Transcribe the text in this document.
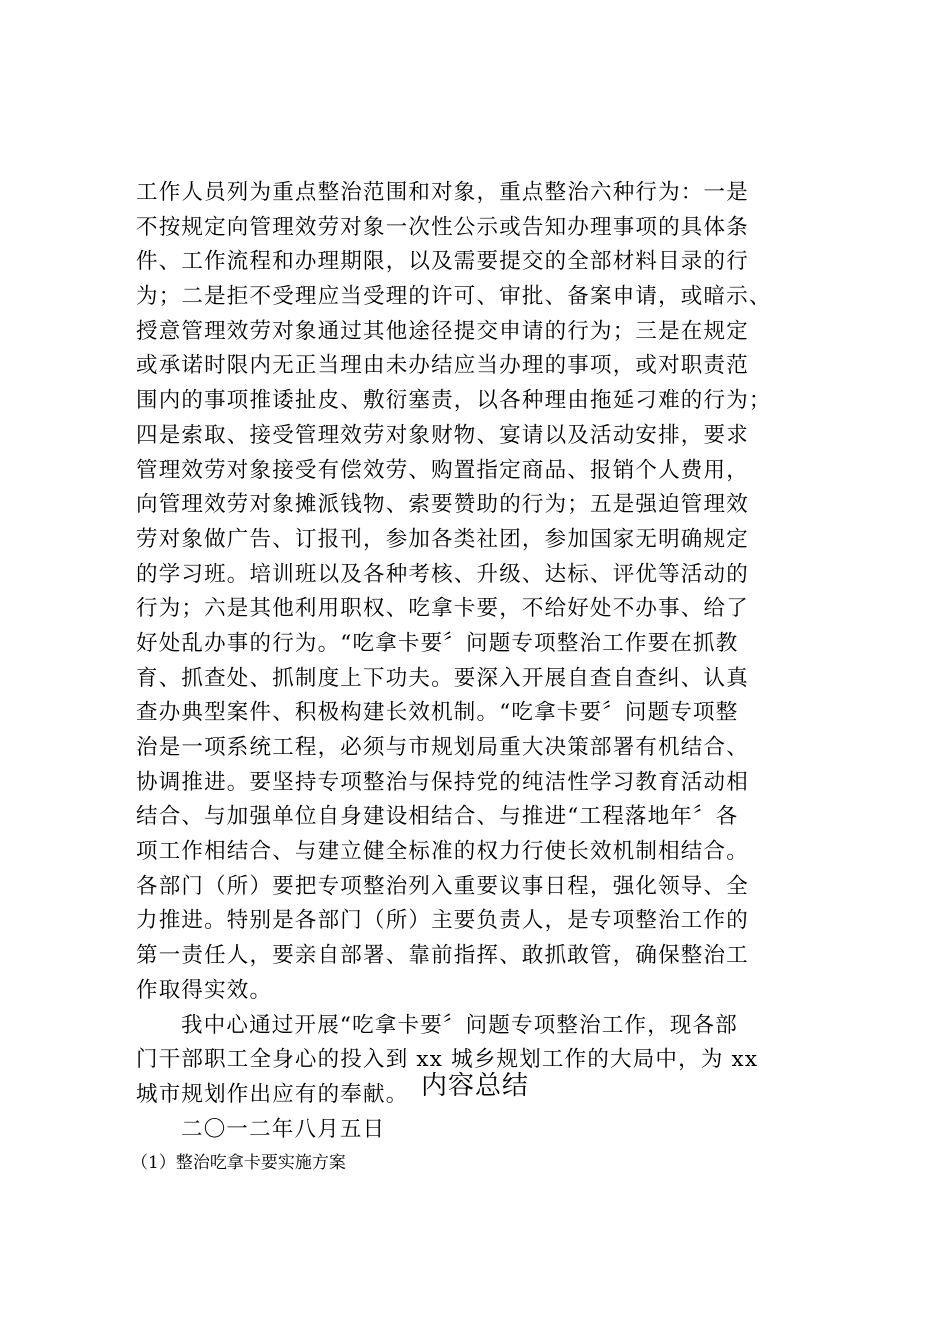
工作人员列为重点整治范围和对象，重点整治六种行为：一是
不按规定向管理效劳对象一次性公示或告知办理事项的具体条
件、工作流程和办理期限，以及需要提交的全部材料目录的行
为；二是拒不受理应当受理的许可、审批、备案申请，或暗示、
授意管理效劳对象通过其他途径提交申请的行为；三是在规定
或承诺时限内无正当理由未办结应当办理的事项，或对职责范
围内的事项推诿扯皮、敷衍塞责，以各种理由拖延刁难的行为；
四是索取、接受管理效劳对象财物、宴请以及活动安排，要求
管理效劳对象接受有偿效劳、购置指定商品、报销个人费用，
向管理效劳对象摊派钱物、索要赞助的行为；五是强迫管理效
劳对象做广告、订报刊，参加各类社团，参加国家无明确规定
的学习班。培训班以及各种考核、升级、达标、评优等活动的
行为；六是其他利用职权、吃拿卡要，不给好处不办事、给了
好处乱办事的行为。“吃拿卡要〞问题专项整治工作要在抓教
育、抓查处、抓制度上下功夫。要深入开展自查自查纠、认真
查办典型案件、积极构建长效机制。“吃拿卡要〞问题专项整
治是一项系统工程，必须与市规划局重大决策部署有机结合、
协调推进。要坚持专项整治与保持党的纯洁性学习教育活动相
结合、与加强单位自身建设相结合、与推进“工程落地年〞各
项工作相结合、与建立健全标准的权力行使长效机制相结合。
各部门（所）要把专项整治列入重要议事日程，强化领导、全
力推进。特别是各部门（所）主要负责人，是专项整治工作的
第一责任人，要亲自部署、靠前指挥、敢抓敢管，确保整治工
作取得实效。
我中心通过开展“吃拿卡要〞问题专项整治工作，现各部
门干部职工全身心的投入到 xx 城乡规划工作的大局中，为 xx
城市规划作出应有的奉献。
二〇一二年八月五日
内容总结
（1）整治吃拿卡要实施方案
